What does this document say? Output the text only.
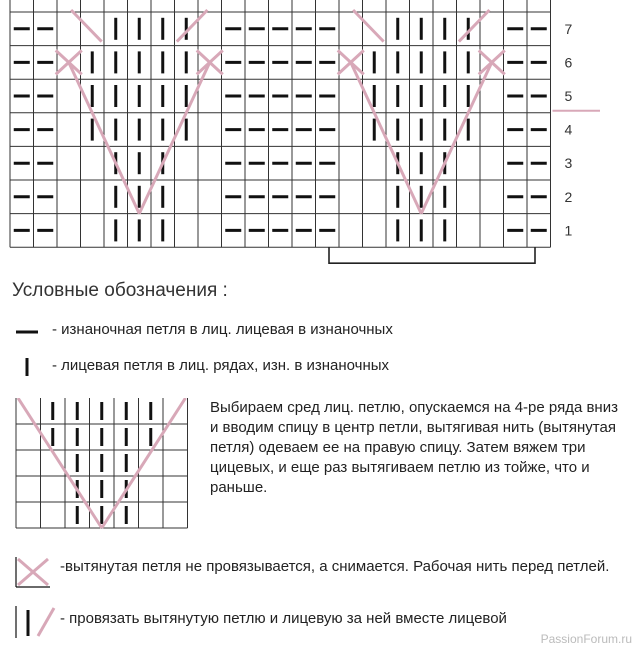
7
6
5
4
3
2
1
Условные обозначения :
- изнаночная петля в лиц. лицевая в изнаночных
- лицевая петля в лиц. рядах, изн. в изнаночных
Выбираем сред лиц. петлю, опускаемся на 4-ре ряда вниз и вводим спицу в центр петли, вытягивая нить (вытянутая петля) одеваем ее на правую спицу. Затем вяжем три цицевых, и еще раз вытягиваем петлю из тойже, что и раньше.
-вытянутая петля не провязывается, а снимается. Рабочая нить перед петлей.
- провязать вытянутую петлю и лицевую за ней вместе лицевой
PassionForum.ru
